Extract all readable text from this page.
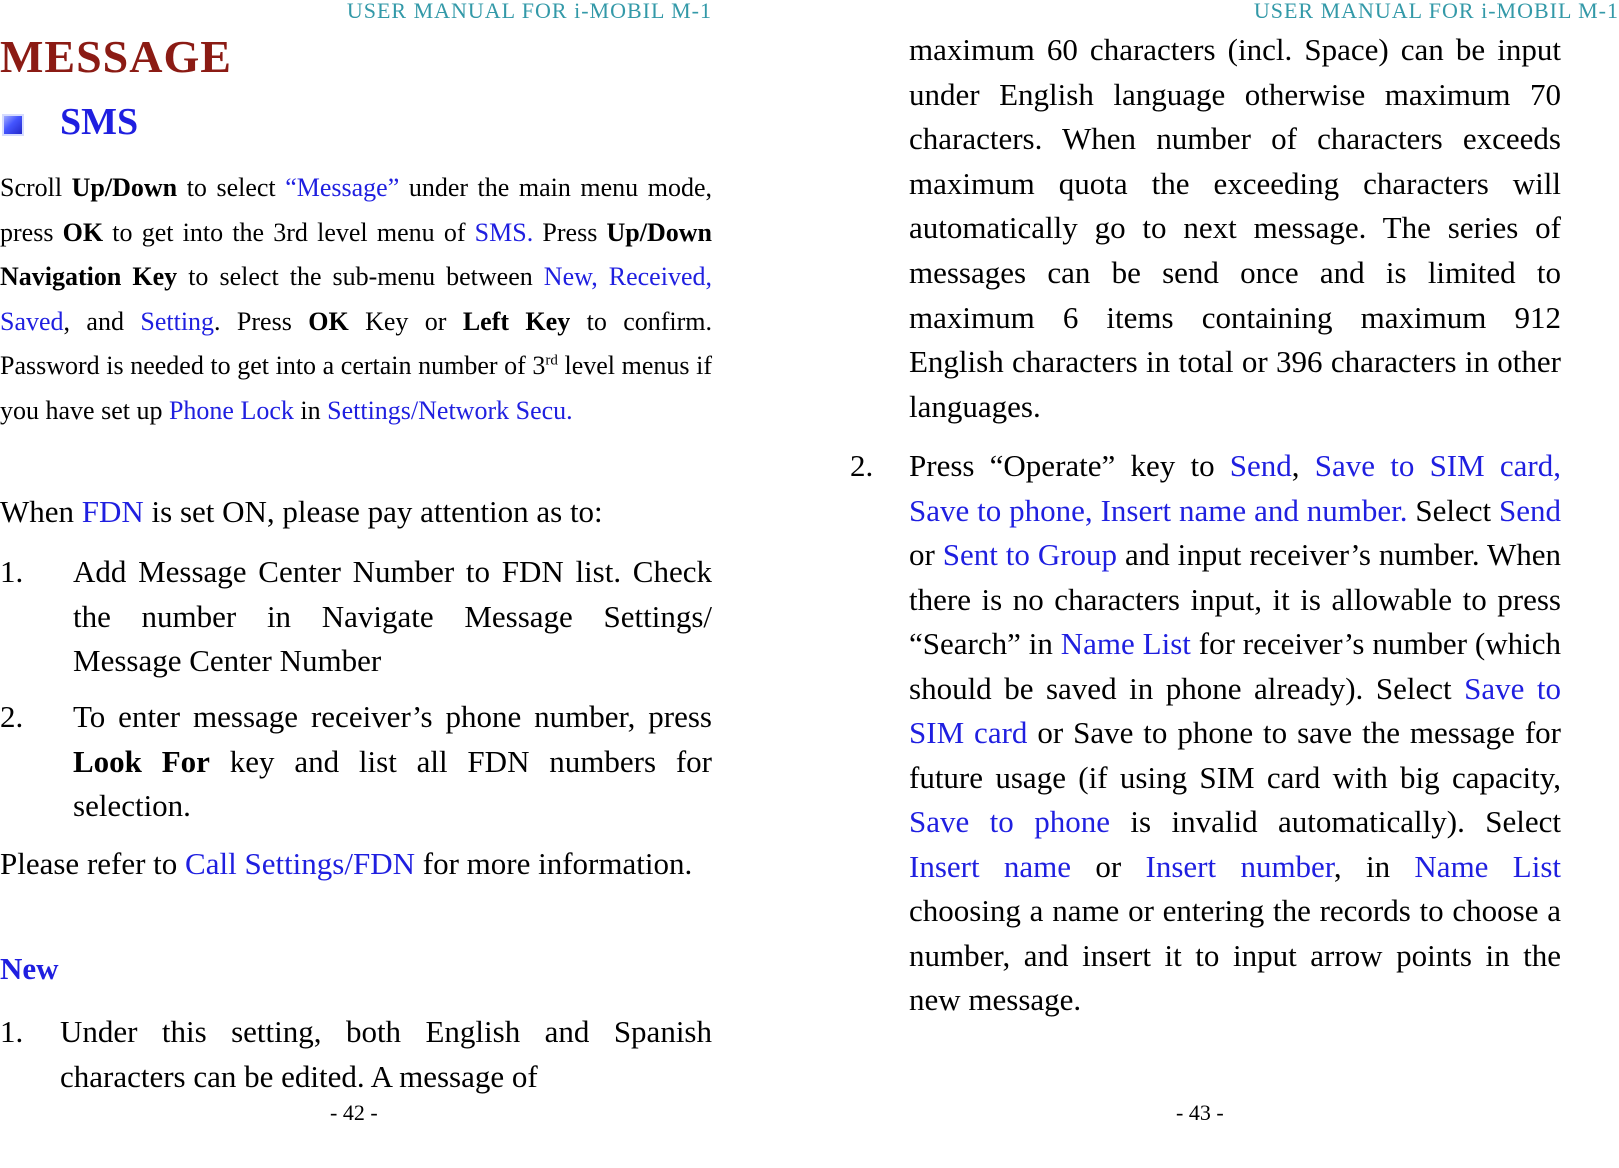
USER MANUAL FOR i-MOBIL M-1
MESSAGE
SMS

Scroll Up/Down to select “Message” under the main menu mode, press OK to get into the 3rd level menu of SMS. Press Up/Down Navigation Key to select the sub-menu between New, Received, Saved, and Setting. Press OK Key or Left Key to confirm. Password is needed to get into a certain number of 3rd level menus if you have set up Phone Lock in Settings/Network Secu.

When FDN is set ON, please pay attention as to:

1. Add Message Center Number to FDN list. Check the number in Navigate Message Settings/ Message Center Number
2. To enter message receiver’s phone number, press Look For key and list all FDN numbers for selection.

Please refer to Call Settings/FDN for more information.

New
1. Under this setting, both English and Spanish characters can be edited. A message of
- 42 -
USER MANUAL FOR i-MOBIL M-1

maximum 60 characters (incl. Space) can be input under English language otherwise maximum 70 characters. When number of characters exceeds maximum quota the exceeding characters will automatically go to next message. The series of messages can be send once and is limited to maximum 6 items containing maximum 912 English characters in total or 396 characters in other languages.

2. Press “Operate” key to Send, Save to SIM card, Save to phone, Insert name and number. Select Send or Sent to Group and input receiver’s number. When there is no characters input, it is allowable to press “Search” in Name List for receiver’s number (which should be saved in phone already). Select Save to SIM card or Save to phone to save the message for future usage (if using SIM card with big capacity, Save to phone is invalid automatically). Select Insert name or Insert number, in Name List choosing a name or entering the records to choose a number, and insert it to input arrow points in the new message.
- 43 -
